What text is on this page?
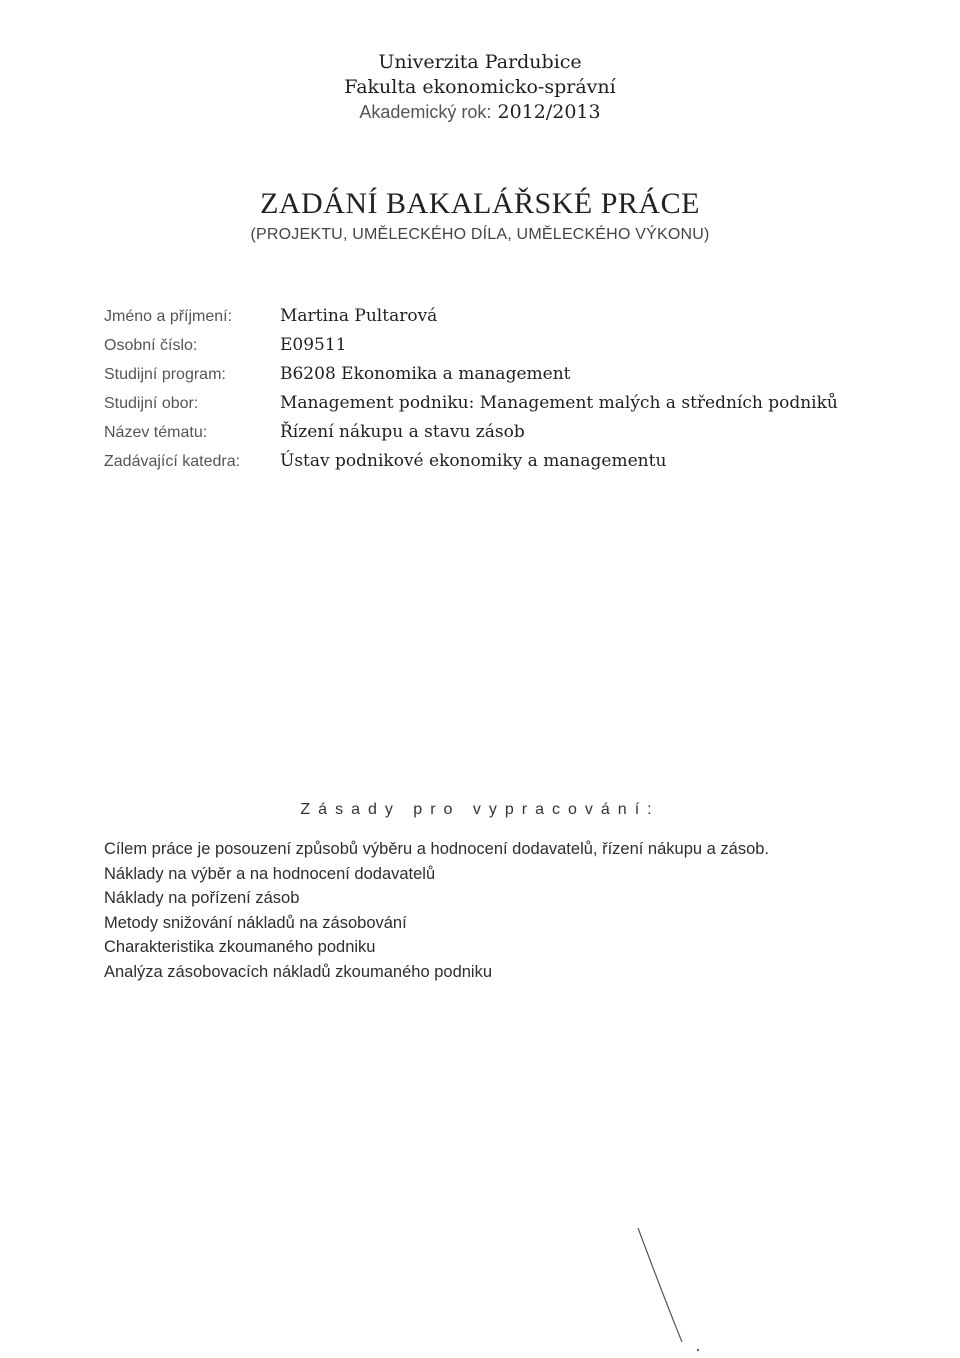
Univerzita Pardubice
Fakulta ekonomicko-správní
Akademický rok: 2012/2013
ZADÁNÍ BAKALÁŘSKÉ PRÁCE
(PROJEKTU, UMĚLECKÉHO DÍLA, UMĚLECKÉHO VÝKONU)
Jméno a příjmení:	Martina Pultarová
Osobní číslo:	E09511
Studijní program:	B6208 Ekonomika a management
Studijní obor:	Management podniku: Management malých a středních podniků
Název tématu:	Řízení nákupu a stavu zásob
Zadávající katedra:	Ústav podnikové ekonomiky a managementu
Zásady pro vypracování:
Cílem práce je posouzení způsobů výběru a hodnocení dodavatelů, řízení nákupu a zásob.
Náklady na výběr a na hodnocení dodavatelů
Náklady na pořízení zásob
Metody snižování nákladů na zásobování
Charakteristika zkoumaného podniku
Analýza zásobovacích nákladů zkoumaného podniku
